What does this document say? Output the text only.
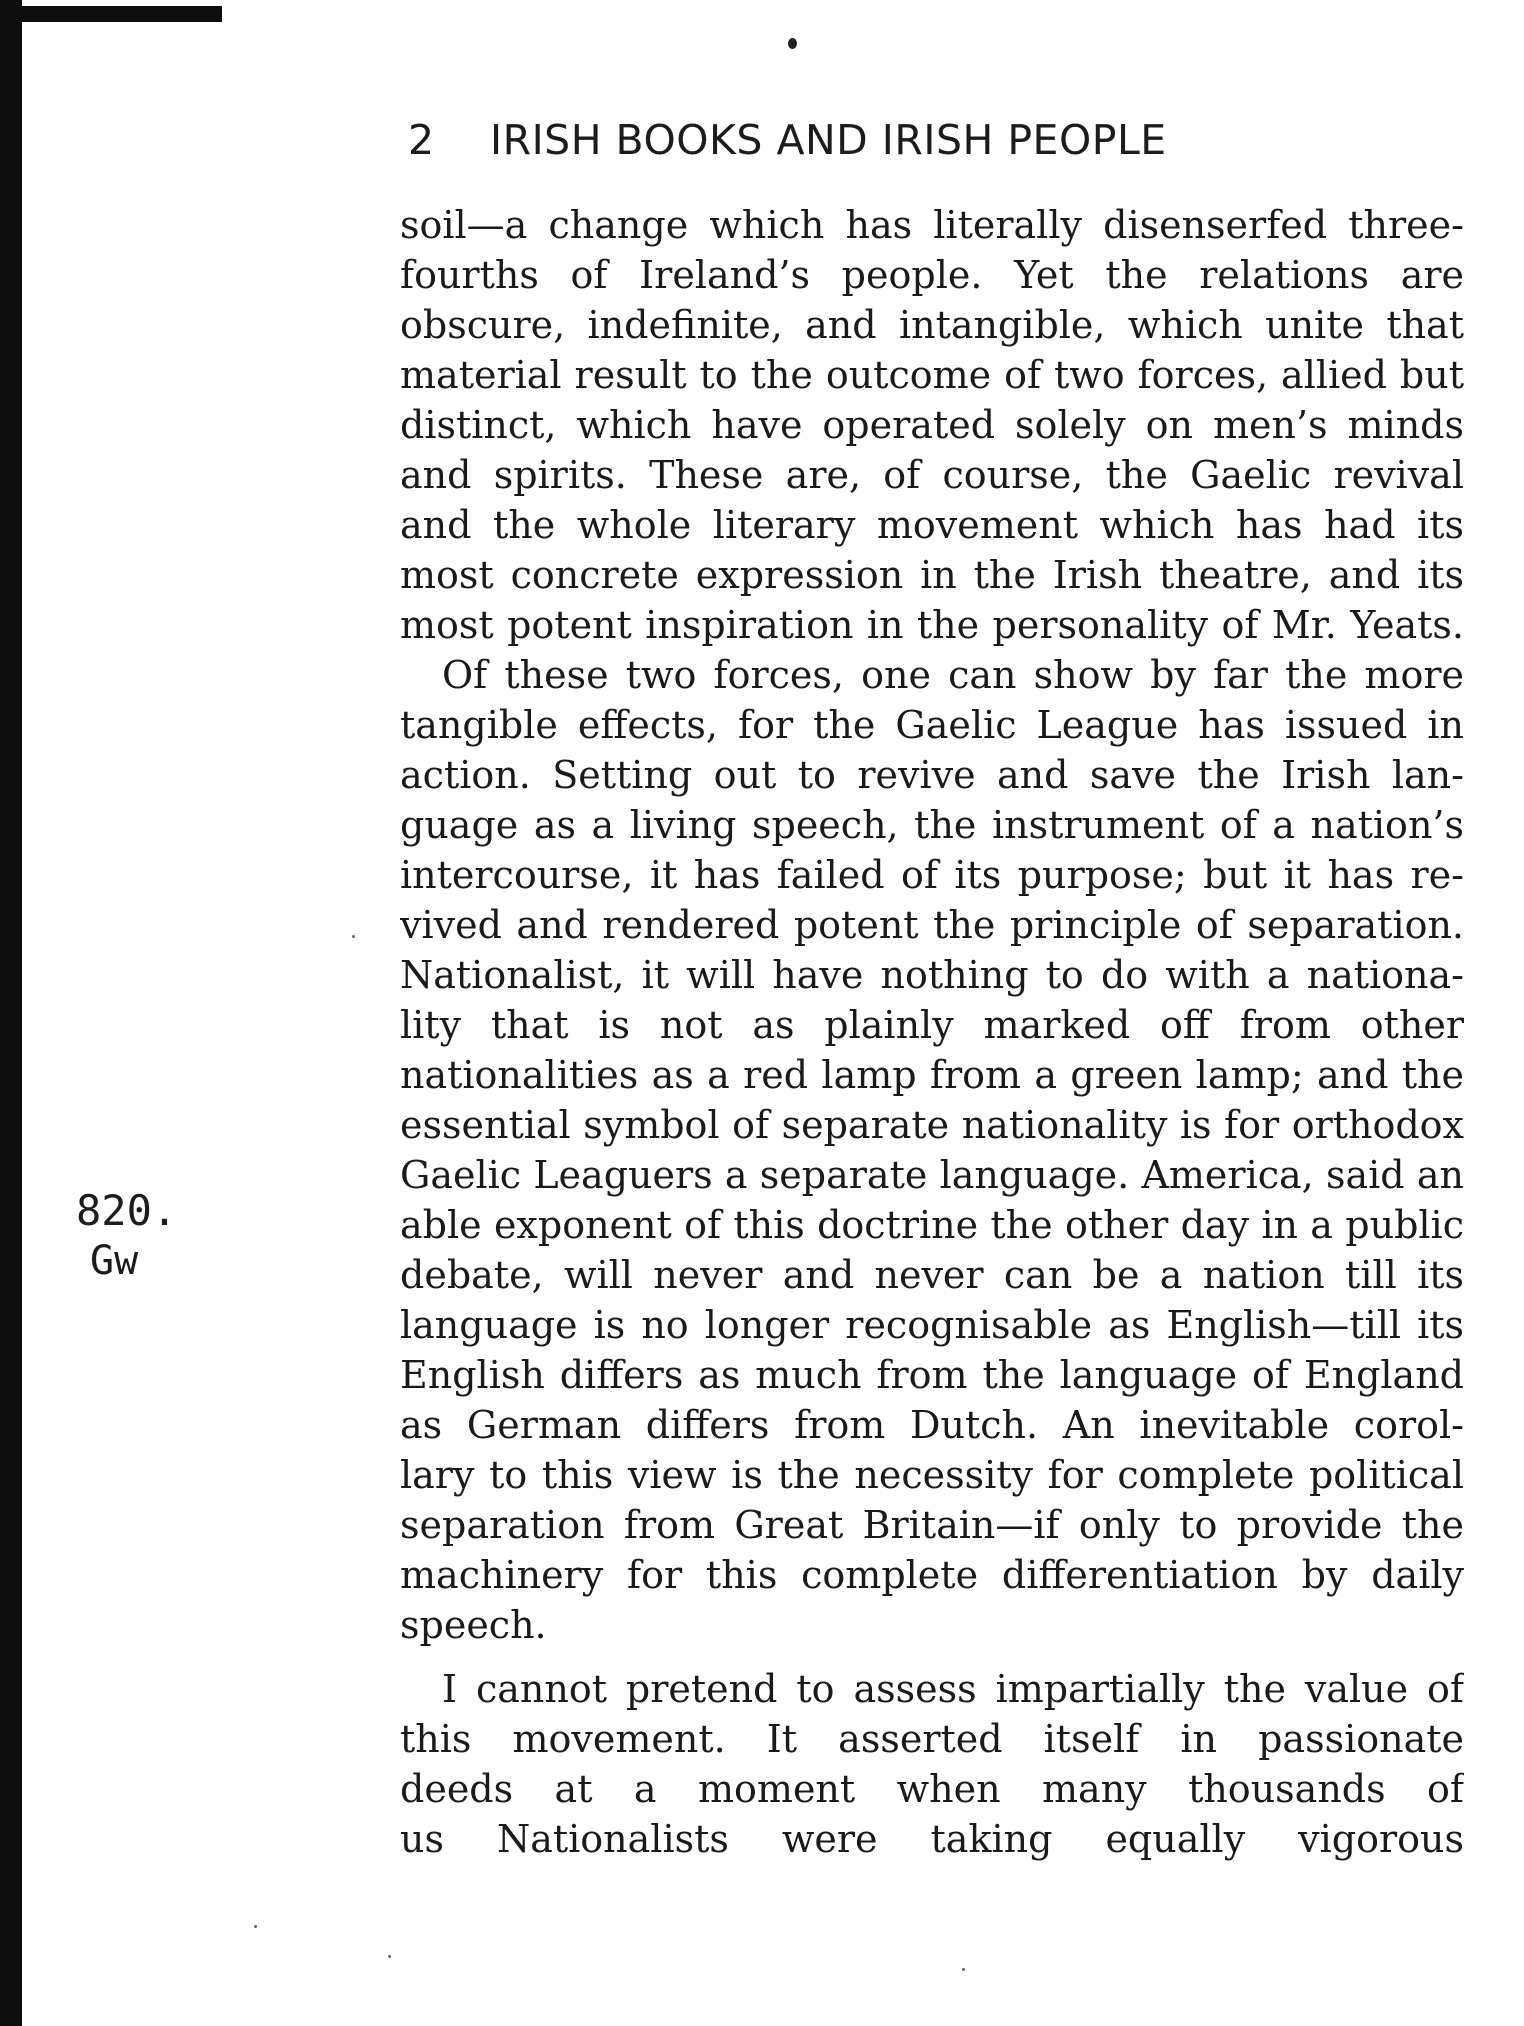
2 IRISH BOOKS AND IRISH PEOPLE
soil—a change which has literally disenserfed three-
fourths of Ireland’s people. Yet the relations are
obscure, indefinite, and intangible, which unite that
material result to the outcome of two forces, allied but
distinct, which have operated solely on men’s minds
and spirits. These are, of course, the Gaelic revival
and the whole literary movement which has had its
most concrete expression in the Irish theatre, and its
most potent inspiration in the personality of Mr. Yeats.
Of these two forces, one can show by far the more
tangible effects, for the Gaelic League has issued in
action. Setting out to revive and save the Irish lan-
guage as a living speech, the instrument of a nation’s
intercourse, it has failed of its purpose; but it has re-
vived and rendered potent the principle of separation.
Nationalist, it will have nothing to do with a nationa-
lity that is not as plainly marked off from other
nationalities as a red lamp from a green lamp; and the
essential symbol of separate nationality is for orthodox
Gaelic Leaguers a separate language. America, said an
able exponent of this doctrine the other day in a public
debate, will never and never can be a nation till its
language is no longer recognisable as English—till its
English differs as much from the language of England
as German differs from Dutch. An inevitable corol-
lary to this view is the necessity for complete political
separation from Great Britain—if only to provide the
machinery for this complete differentiation by daily
speech.
I cannot pretend to assess impartially the value of
this movement. It asserted itself in passionate
deeds at a moment when many thousands of
us Nationalists were taking equally vigorous
820.
Gw
